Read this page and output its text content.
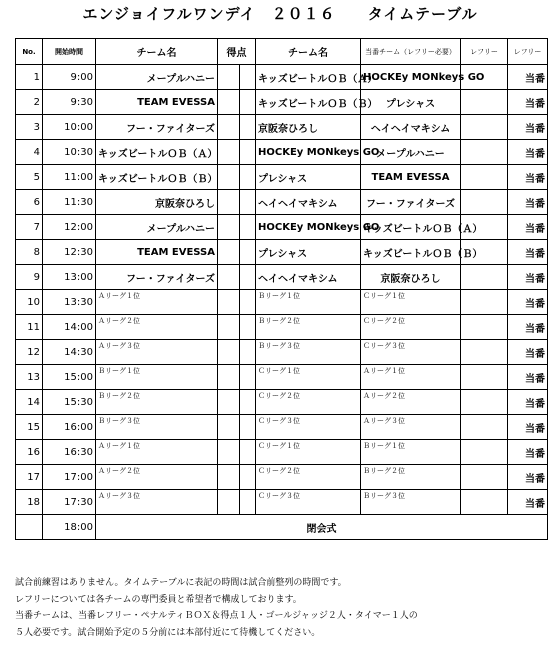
エンジョイフルワンデイ　２０１６　　タイムテーブル
No.	開始時間	チーム名	得点		チーム名	当番チーム（レフリー必要）	レフリー	レフリー
1	9:00	メープルハニー			キッズビートルＯＢ（Ａ）	HOCKEy MONkeys GO		当番
2	9:30	TEAM EVESSA			キッズビートルＯＢ（Ｂ）	プレシャス		当番
3	10:00	フー・ファイターズ			京阪奈ひろし	ヘイヘイマキシム		当番
4	10:30	キッズビートルＯＢ（Ａ）			HOCKEy MONkeys GO	メープルハニー		当番
5	11:00	キッズビートルＯＢ（Ｂ）			プレシャス	TEAM EVESSA		当番
6	11:30	京阪奈ひろし			ヘイヘイマキシム	フー・ファイターズ		当番
7	12:00	メープルハニー			HOCKEy MONkeys GO	キッズビートルＯＢ（Ａ）		当番
8	12:30	TEAM EVESSA			プレシャス	キッズビートルＯＢ（Ｂ）		当番
9	13:00	フー・ファイターズ			ヘイヘイマキシム	京阪奈ひろし		当番
10	13:30	Ａリーグ１位			Ｂリーグ１位	Ｃリーグ１位		当番
11	14:00	Ａリーグ２位			Ｂリーグ２位	Ｃリーグ２位		当番
12	14:30	Ａリーグ３位			Ｂリーグ３位	Ｃリーグ３位		当番
13	15:00	Ｂリーグ１位			Ｃリーグ１位	Ａリーグ１位		当番
14	15:30	Ｂリーグ２位			Ｃリーグ２位	Ａリーグ２位		当番
15	16:00	Ｂリーグ３位			Ｃリーグ３位	Ａリーグ３位		当番
16	16:30	Ａリーグ１位			Ｃリーグ１位	Ｂリーグ１位		当番
17	17:00	Ａリーグ２位			Ｃリーグ２位	Ｂリーグ２位		当番
18	17:30	Ａリーグ３位			Ｃリーグ３位	Ｂリーグ３位		当番
	18:00	閉会式						
試合前練習はありません。タイムテーブルに表記の時間は試合前整列の時間です。
レフリーについては各チームの専門委員と希望者で構成しております。
当番チームは、当番レフリー・ペナルティＢＯＸ＆得点１人・ゴールジャッジ２人・タイマー１人の
５人必要です。試合開始予定の５分前には本部付近にて待機してください。
